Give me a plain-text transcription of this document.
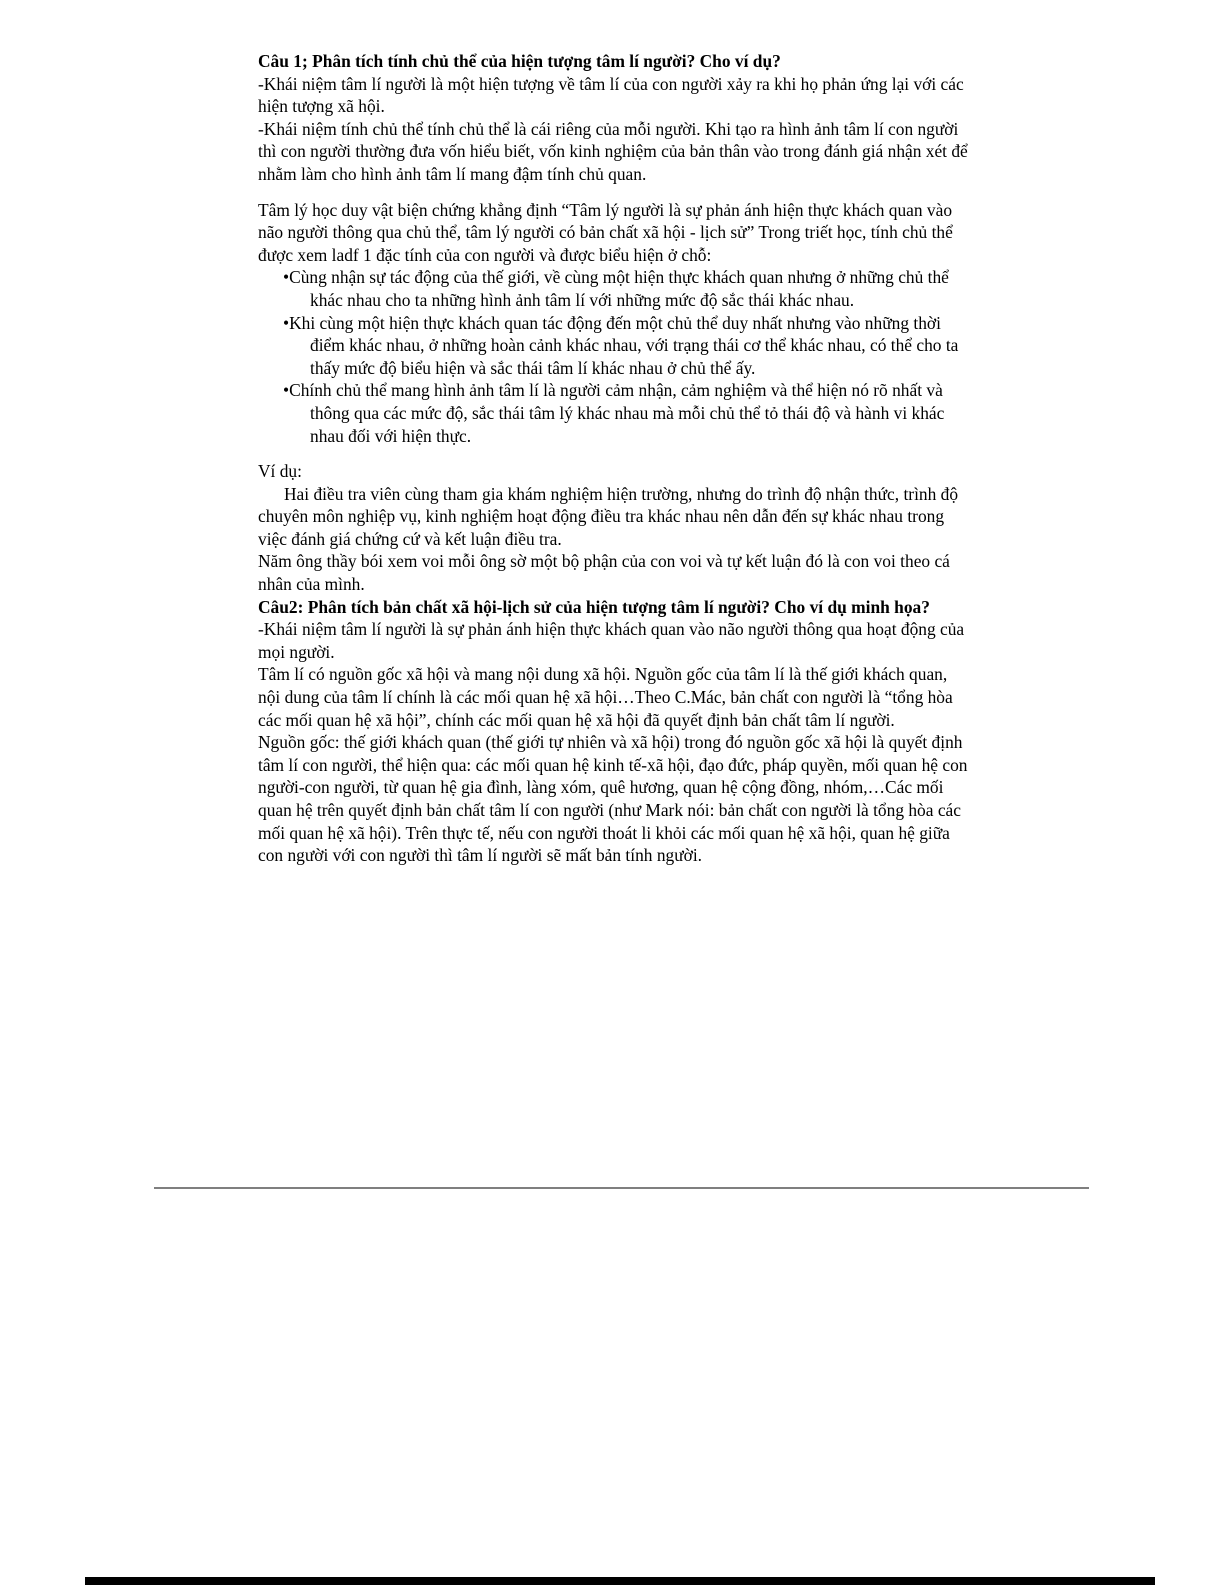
Câu 1; Phân tích tính chủ thể của hiện tượng tâm lí người? Cho ví dụ?

-Khái niệm tâm lí người là một hiện tượng về tâm lí của con người xảy ra khi họ phản ứng lại với các hiện tượng xã hội.

-Khái niệm tính chủ thể tính chủ thể là cái riêng của mỗi người. Khi tạo ra hình ảnh tâm lí con người thì con người thường đưa vốn hiểu biết, vốn kinh nghiệm của bản thân vào trong đánh giá nhận xét để nhằm làm cho hình ảnh tâm lí mang đậm tính chủ quan.

Tâm lý học duy vật biện chứng khẳng định “Tâm lý người là sự phản ánh hiện thực khách quan vào não người thông qua chủ thể, tâm lý người có bản chất xã hội - lịch sử” Trong triết học, tính chủ thể được xem ladf 1 đặc tính của con người và được biểu hiện ở chỗ:

• Cùng nhận sự tác động của thế giới, về cùng một hiện thực khách quan nhưng ở những chủ thể khác nhau cho ta những hình ảnh tâm lí với những mức độ sắc thái khác nhau.
• Khi cùng một hiện thực khách quan tác động đến một chủ thể duy nhất nhưng vào những thời điểm khác nhau, ở những hoàn cảnh khác nhau, với trạng thái cơ thể khác nhau, có thể cho ta thấy mức độ biểu hiện và sắc thái tâm lí khác nhau ở chủ thể ấy.
• Chính chủ thể mang hình ảnh tâm lí là người cảm nhận, cảm nghiệm và thể hiện nó rõ nhất và thông qua các mức độ, sắc thái tâm lý khác nhau mà mỗi chủ thể tỏ thái độ và hành vi khác nhau đối với hiện thực.

Ví dụ:

Hai điều tra viên cùng tham gia khám nghiệm hiện trường, nhưng do trình độ nhận thức, trình độ chuyên môn nghiệp vụ, kinh nghiệm hoạt động điều tra khác nhau nên dẫn đến sự khác nhau trong việc đánh giá chứng cứ và kết luận điều tra.

Năm ông thầy bói xem voi mỗi ông sờ một bộ phận của con voi và tự kết luận đó là con voi theo cá nhân của mình.

Câu2: Phân tích bản chất xã hội-lịch sử của hiện tượng tâm lí người? Cho ví dụ minh họa?

-Khái niệm tâm lí người là sự phản ánh hiện thực khách quan vào não người thông qua hoạt động của mọi người.

Tâm lí có nguồn gốc xã hội và mang nội dung xã hội. Nguồn gốc của tâm lí là thế giới khách quan, nội dung của tâm lí chính là các mối quan hệ xã hội…Theo C.Mác, bản chất con người là “tổng hòa các mối quan hệ xã hội”, chính các mối quan hệ xã hội đã quyết định bản chất tâm lí người.

Nguồn gốc: thế giới khách quan (thế giới tự nhiên và xã hội) trong đó nguồn gốc xã hội là quyết định tâm lí con người, thể hiện qua: các mối quan hệ kinh tế-xã hội, đạo đức, pháp quyền, mối quan hệ con người-con người, từ quan hệ gia đình, làng xóm, quê hương, quan hệ cộng đồng, nhóm,…Các mối quan hệ trên quyết định bản chất tâm lí con người (như Mark nói: bản chất con người là tổng hòa các mối quan hệ xã hội). Trên thực tế, nếu con người thoát li khỏi các mối quan hệ xã hội, quan hệ giữa con người với con người thì tâm lí người sẽ mất bản tính người.
